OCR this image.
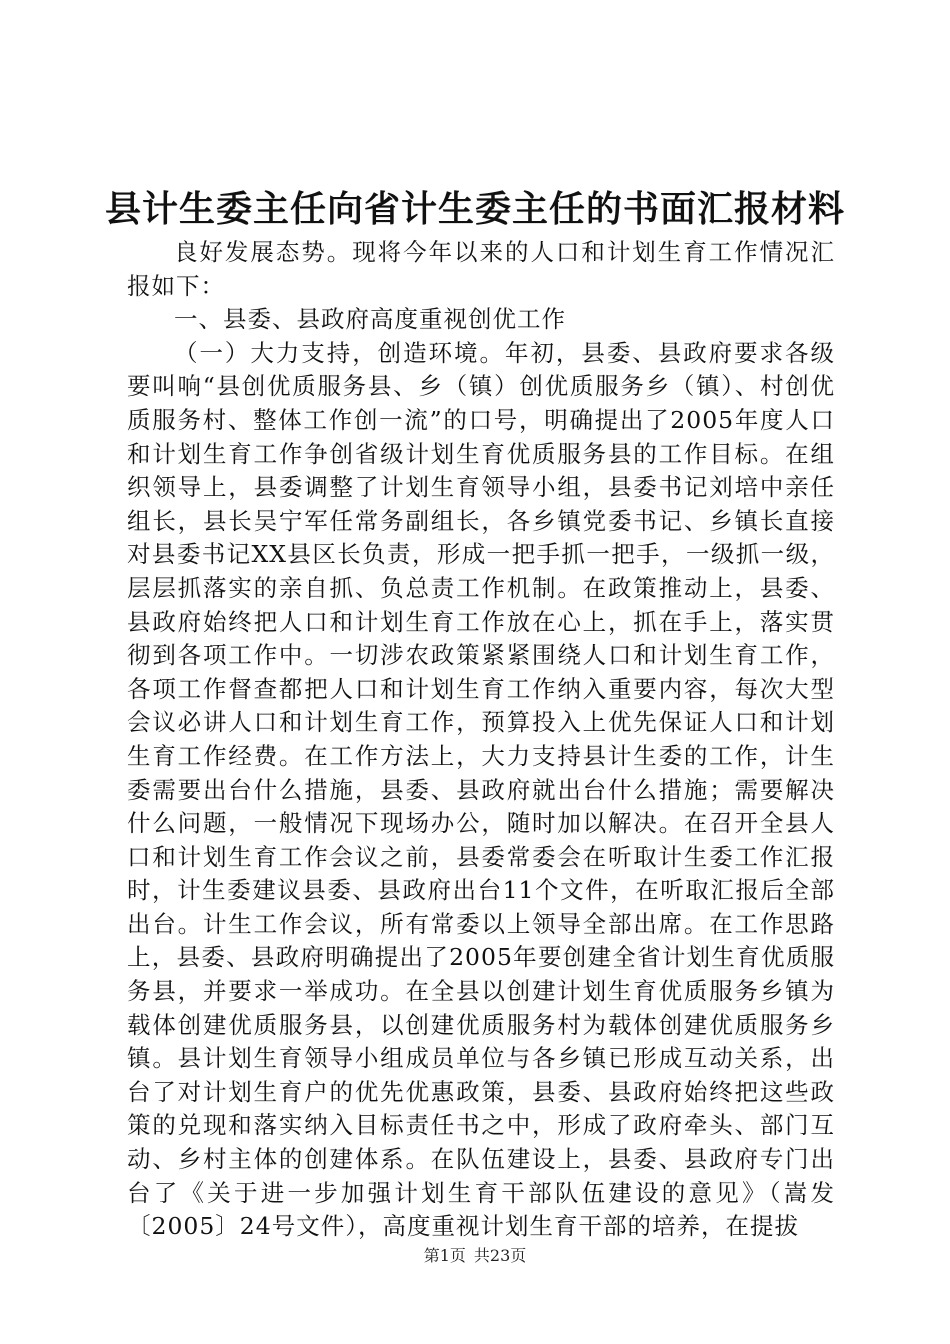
县计生委主任向省计生委主任的书面汇报材料

良好发展态势。现将今年以来的人口和计划生育工作情况汇报如下：

一、县委、县政府高度重视创优工作

（一）大力支持，创造环境。年初，县委、县政府要求各级要叫响“县创优质服务县、乡（镇）创优质服务乡（镇）、村创优质服务村、整体工作创一流”的口号，明确提出了2005年度人口和计划生育工作争创省级计划生育优质服务县的工作目标。在组织领导上，县委调整了计划生育领导小组，县委书记刘培中亲任组长，县长吴宁军任常务副组长，各乡镇党委书记、乡镇长直接对县委书记XX县区长负责，形成一把手抓一把手，一级抓一级，层层抓落实的亲自抓、负总责工作机制。在政策推动上，县委、县政府始终把人口和计划生育工作放在心上，抓在手上，落实贯彻到各项工作中。一切涉农政策紧紧围绕人口和计划生育工作，各项工作督查都把人口和计划生育工作纳入重要内容，每次大型会议必讲人口和计划生育工作，预算投入上优先保证人口和计划生育工作经费。在工作方法上，大力支持县计生委的工作，计生委需要出台什么措施，县委、县政府就出台什么措施；需要解决什么问题，一般情况下现场办公，随时加以解决。在召开全县人口和计划生育工作会议之前，县委常委会在听取计生委工作汇报时，计生委建议县委、县政府出台11个文件，在听取汇报后全部出台。计生工作会议，所有常委以上领导全部出席。在工作思路上，县委、县政府明确提出了2005年要创建全省计划生育优质服务县，并要求一举成功。在全县以创建计划生育优质服务乡镇为载体创建优质服务县，以创建优质服务村为载体创建优质服务乡镇。县计划生育领导小组成员单位与各乡镇已形成互动关系，出台了对计划生育户的优先优惠政策，县委、县政府始终把这些政策的兑现和落实纳入目标责任书之中，形成了政府牵头、部门互动、乡村主体的创建体系。在队伍建设上，县委、县政府专门出台了《关于进一步加强计划生育干部队伍建设的意见》（嵩发〔2005〕24号文件），高度重视计划生育干部的培养，在提拔

第1页 共23页
